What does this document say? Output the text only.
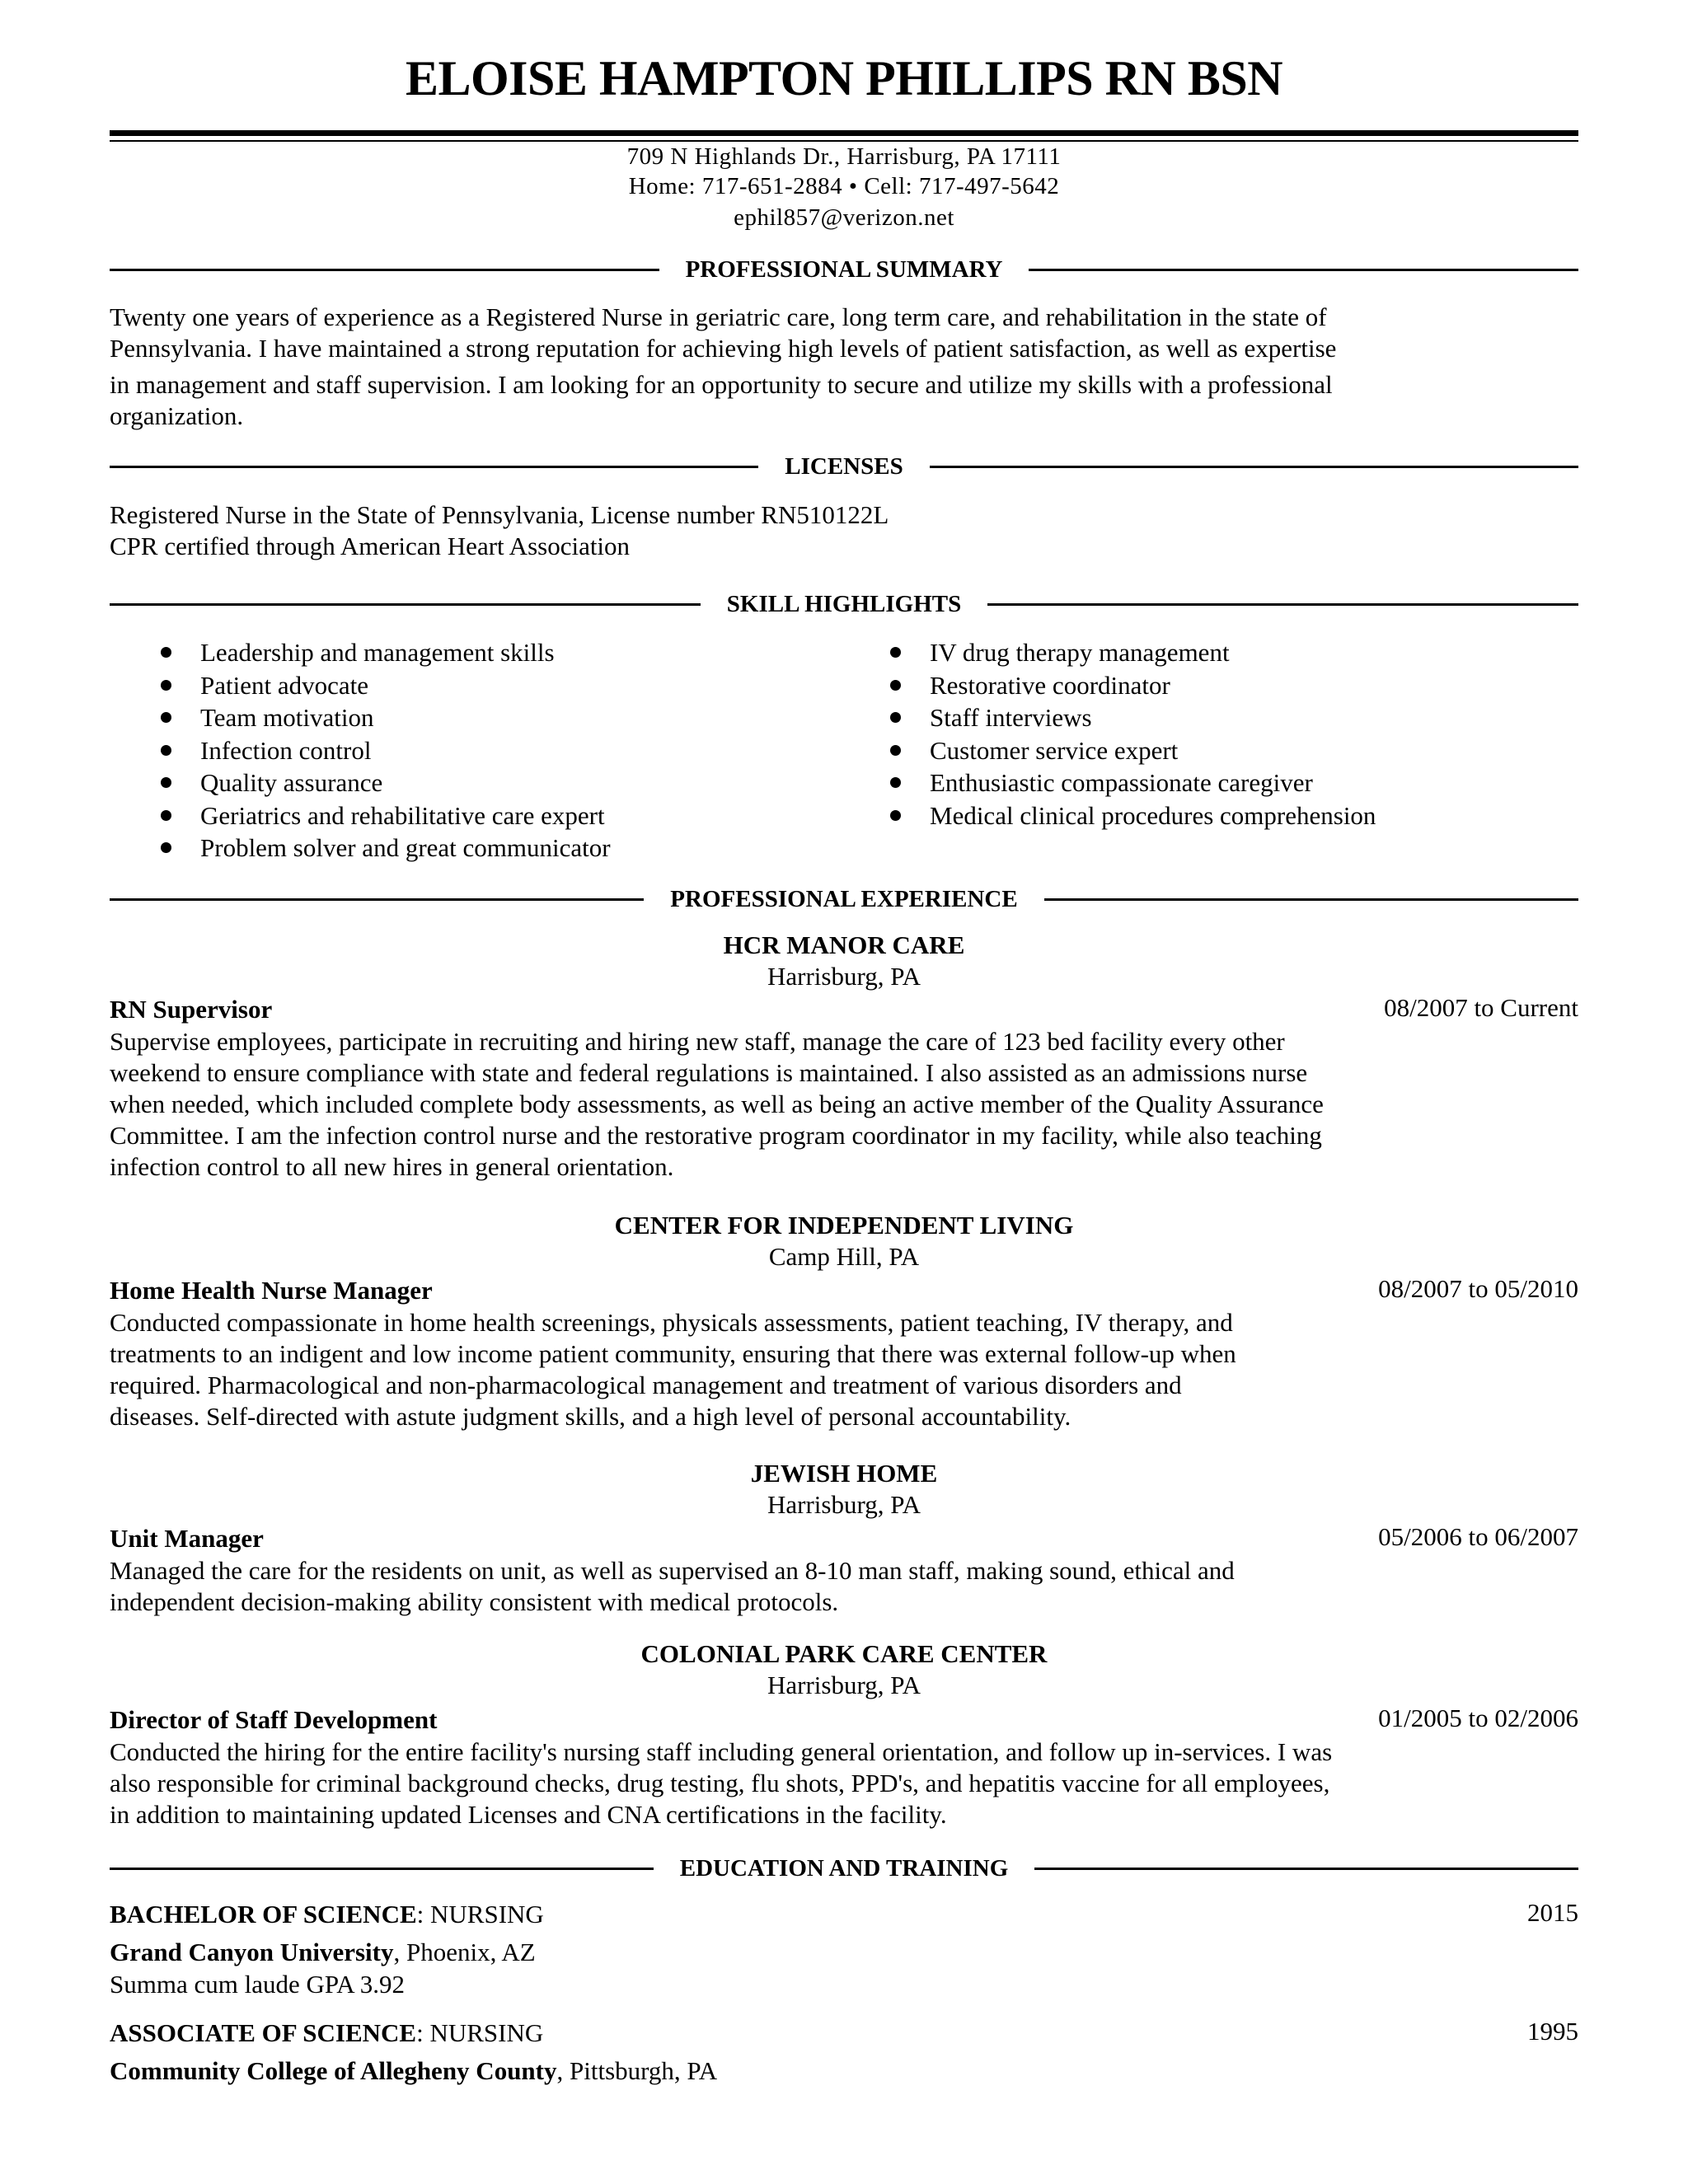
ELOISE HAMPTON PHILLIPS RN BSN
709 N Highlands Dr., Harrisburg, PA 17111
Home: 717-651-2884 • Cell: 717-497-5642
ephil857@verizon.net
PROFESSIONAL SUMMARY
Twenty one years of experience as a Registered Nurse in geriatric care, long term care, and rehabilitation in the state of
Pennsylvania. I have maintained a strong reputation for achieving high levels of patient satisfaction, as well as expertise
in management and staff supervision. I am looking for an opportunity to secure and utilize my skills with a professional
organization.
LICENSES
Registered Nurse in the State of Pennsylvania, License number RN510122L
CPR certified through American Heart Association
SKILL HIGHLIGHTS
Leadership and management skills
Patient advocate
Team motivation
Infection control
Quality assurance
Geriatrics and rehabilitative care expert
Problem solver and great communicator
IV drug therapy management
Restorative coordinator
Staff interviews
Customer service expert
Enthusiastic compassionate caregiver
Medical clinical procedures comprehension
PROFESSIONAL EXPERIENCE
HCR MANOR CARE
Harrisburg, PA
RN Supervisor	08/2007 to Current
Supervise employees, participate in recruiting and hiring new staff, manage the care of 123 bed facility every other
weekend to ensure compliance with state and federal regulations is maintained. I also assisted as an admissions nurse
when needed, which included complete body assessments, as well as being an active member of the Quality Assurance
Committee. I am the infection control nurse and the restorative program coordinator in my facility, while also teaching
infection control to all new hires in general orientation.
CENTER FOR INDEPENDENT LIVING
Camp Hill, PA
Home Health Nurse Manager	08/2007 to 05/2010
Conducted compassionate in home health screenings, physicals assessments, patient teaching, IV therapy, and
treatments to an indigent and low income patient community, ensuring that there was external follow-up when
required. Pharmacological and non-pharmacological management and treatment of various disorders and
diseases. Self-directed with astute judgment skills, and a high level of personal accountability.
JEWISH HOME
Harrisburg, PA
Unit Manager	05/2006 to 06/2007
Managed the care for the residents on unit, as well as supervised an 8-10 man staff, making sound, ethical and
independent decision-making ability consistent with medical protocols.
COLONIAL PARK CARE CENTER
Harrisburg, PA
Director of Staff Development	01/2005 to 02/2006
Conducted the hiring for the entire facility's nursing staff including general orientation, and follow up in-services. I was
also responsible for criminal background checks, drug testing, flu shots, PPD's, and hepatitis vaccine for all employees,
in addition to maintaining updated Licenses and CNA certifications in the facility.
EDUCATION AND TRAINING
BACHELOR OF SCIENCE: NURSING	2015
Grand Canyon University, Phoenix, AZ
Summa cum laude GPA 3.92
ASSOCIATE OF SCIENCE: NURSING	1995
Community College of Allegheny County, Pittsburgh, PA
